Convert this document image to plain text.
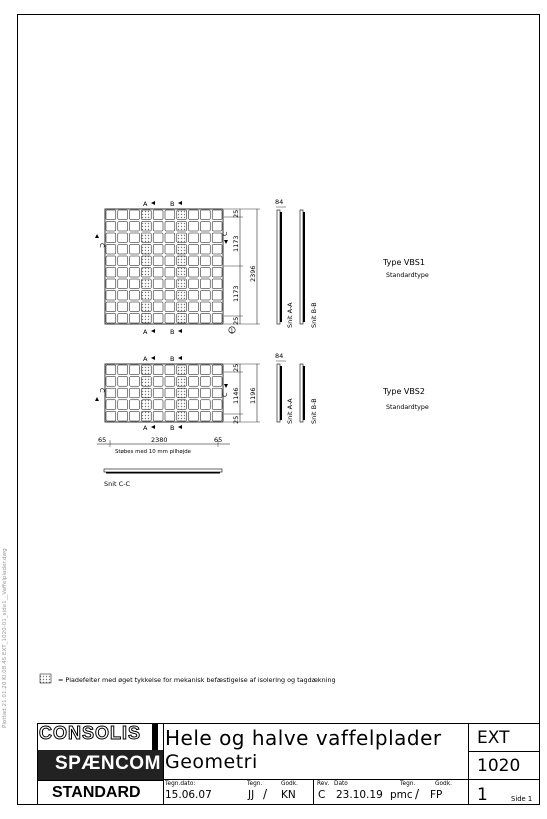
Plottad 21.01.20 Kl.08.45 EXT_1020-01_side1__Vaffelplader.dwg
A	B
A	B
C
C
1
25
1173
2396
1173
25
84
Snit A-A Snit B-B
Type VBS1
Standardtype
A	B
A	B
C
C
25
1146 1196
25
84
Snit A-A Snit B-B
Type VBS2
Standardtype
65	2380	65
Støbes med 10 mm pilhøjde
Snit C-C
= Pladefelter med øget tykkelse for mekanisk befæstigelse af isolering og tagdækning
CONSOLIS
SPÆNCOM
STANDARD
Hele og halve vaffelplader
Geometri
Tegn.dato:
15.06.07
Tegn.	Godk.
JJ / KN
Rev. Dato	Tegn.	Godk.
C 23.10.19 pmc / FP
EXT
1020
1	Side 1
